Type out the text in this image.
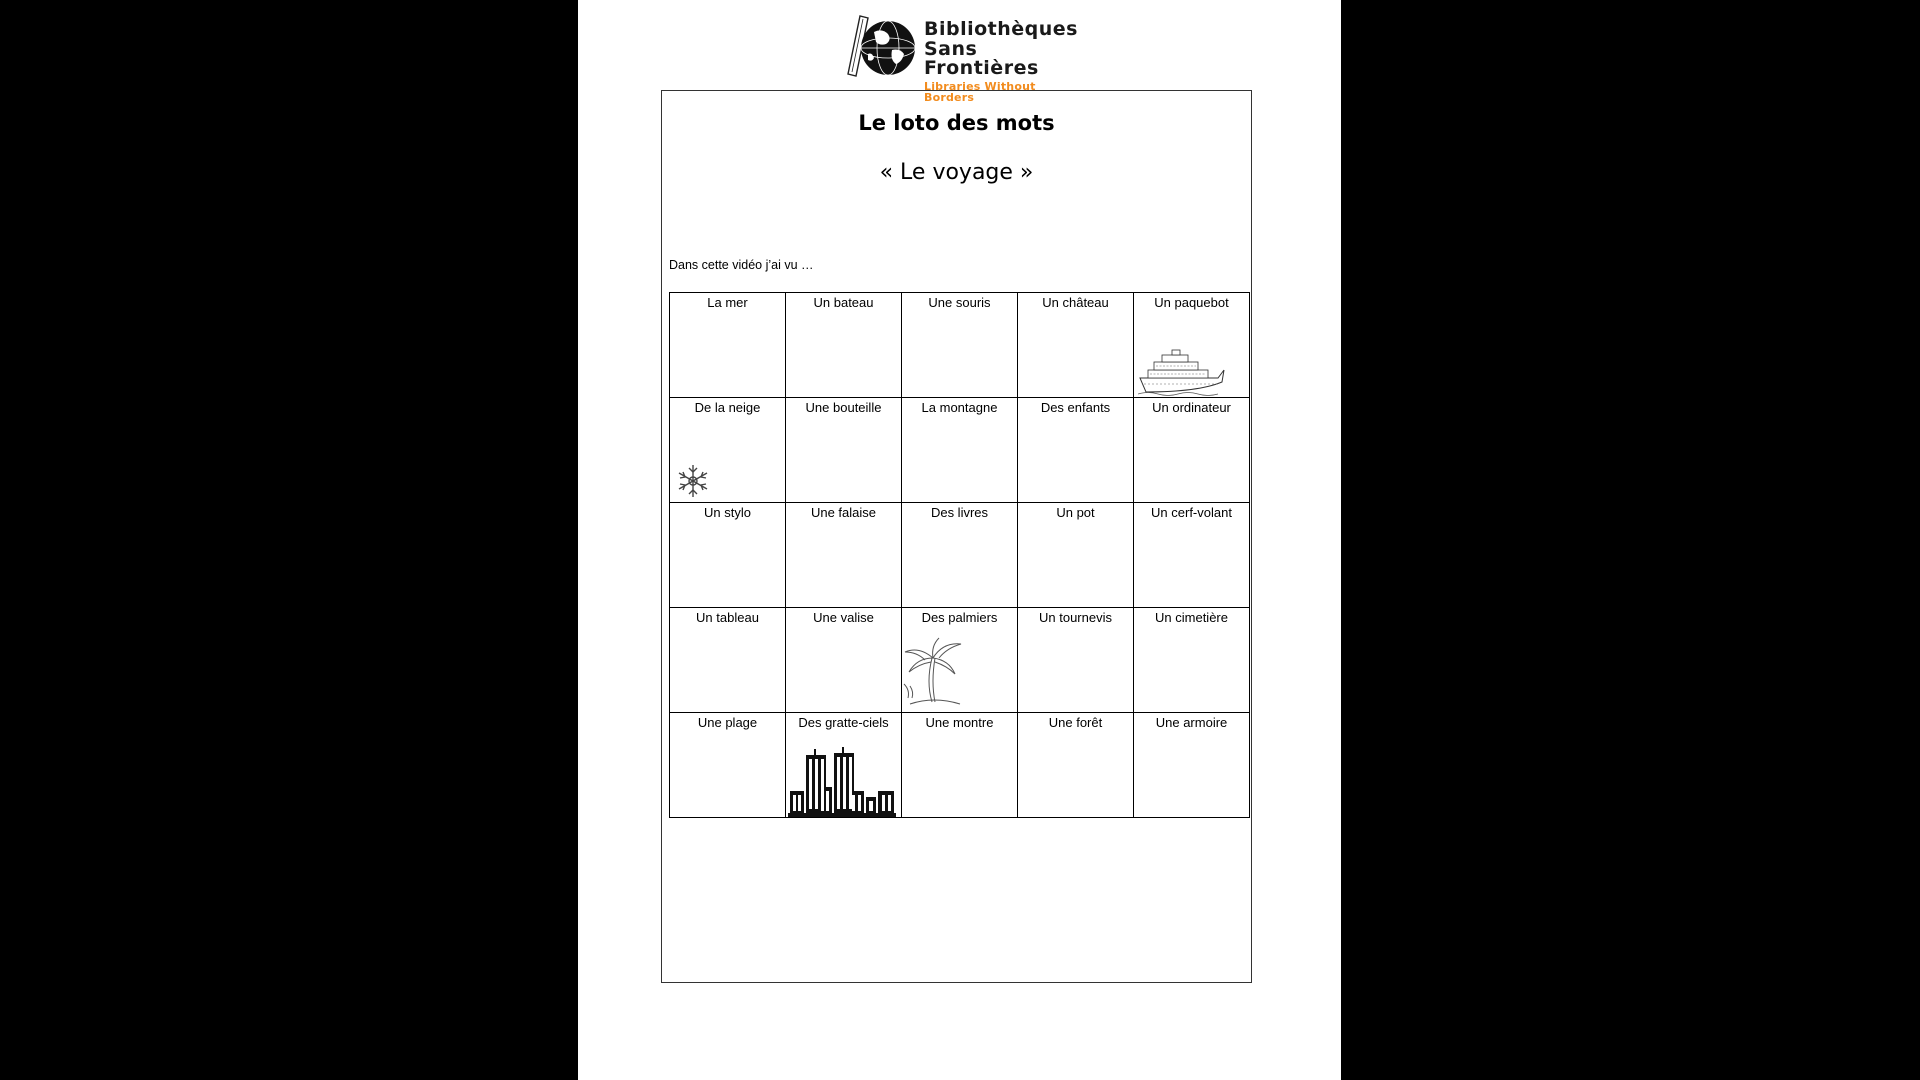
Bibliothèques
Sans Frontières
Libraries Without Borders
Le loto des mots
« Le voyage »
Dans cette vidéo j’ai vu …
La mer	Un bateau	Une souris	Un château	Un paquebot

De la neige	Une bouteille	La montagne	Des enfants	Un ordinateur

Un stylo	Une falaise	Des livres	Un pot	Un cerf-volant

Un tableau	Une valise	Des palmiers	Un tournevis	Un cimetière

Une plage	Des gratte-ciels	Une montre	Une forêt	Une armoire
